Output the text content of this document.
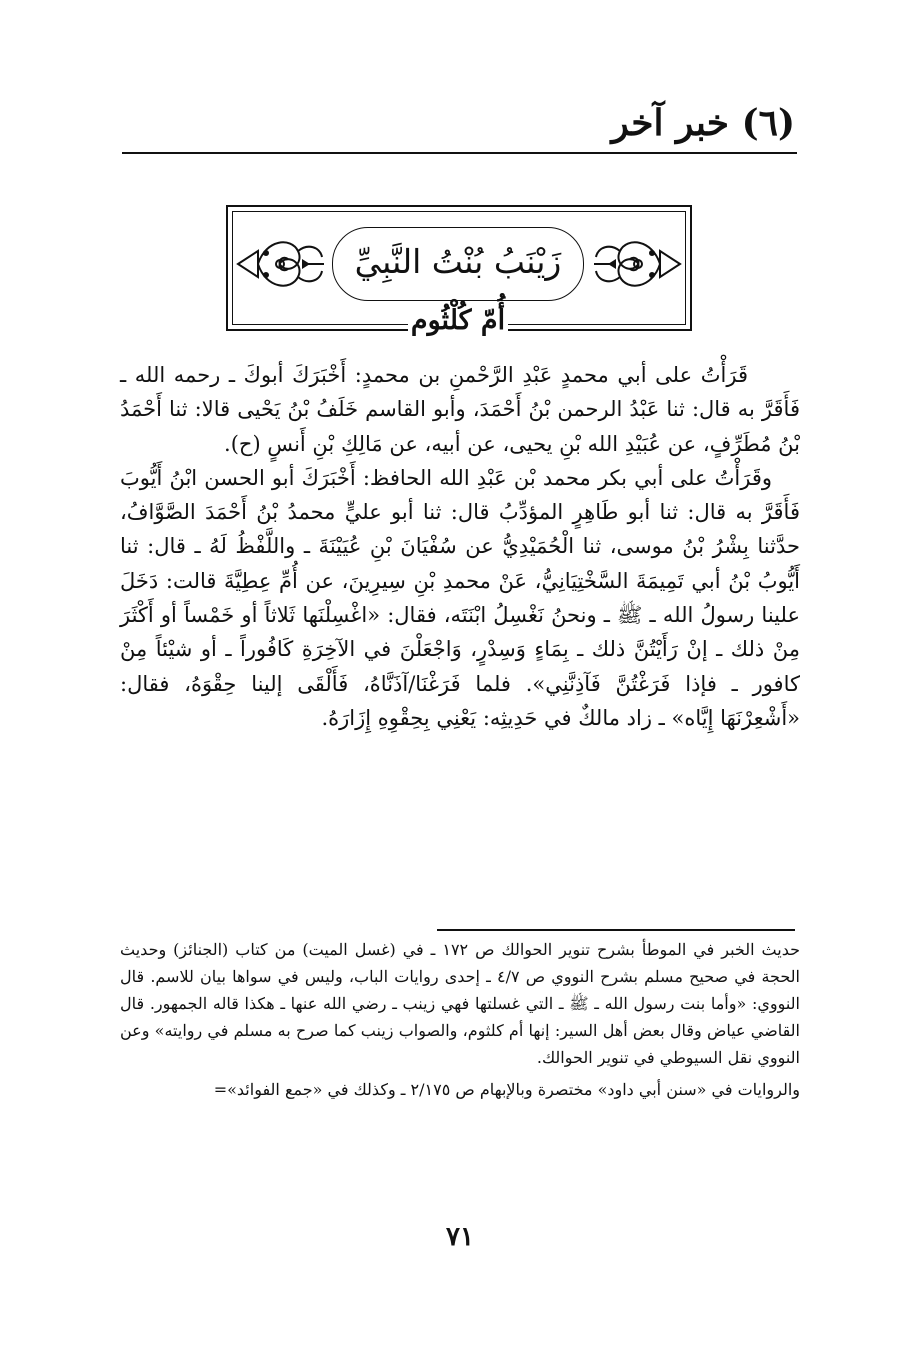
(٦) خبر آخر
زَيْنَبُ بُنْتُ النَّبِيِّ
أُمّ كُلْثُوم

قَرَأْتُ على أبي محمدٍ عَبْدِ الرَّحْمنِ بن محمدٍ: أَخْبَرَكَ أبوكَ ـ رحمه الله ـ فَأَقَرَّ به قال: ثنا عَبْدُ الرحمن بْنُ أَحْمَدَ، وأبو القاسم خَلَفُ بْنُ يَحْيى قالا: ثنا أَحْمَدُ بْنُ مُطَرِّفٍ، عن عُبَيْدِ الله بْنِ يحيى، عن أبيه، عن مَالِكِ بْنِ أَنسٍ (ح).

وقَرَأْتُ على أبي بكر محمد بْن عَبْدِ الله الحافظ: أَخْبَرَكَ أبو الحسن ابْنُ أَيُّوبَ فَأَقَرَّ به قال: ثنا أبو طَاهِرٍ المؤدِّبُ قال: ثنا أبو عليٍّ محمدُ بْنُ أَحْمَدَ الصَّوَّافُ، حدَّثنا بِشْرُ بْنُ موسى، ثنا الْحُمَيْدِيُّ عن سُفْيَانَ بْنِ عُيَيْنَةَ ـ واللَّفْظُ لَهُ ـ قال: ثنا أَيُّوبُ بْنُ أبي تَمِيمَةَ السَّخْتِيَانِيُّ، عَنْ محمدِ بْنِ سِيرِينَ، عن أُمِّ عِطِيَّةَ قالت: دَخَلَ علينا رسولُ الله ـ ﷺ ـ ونحنُ نَغْسِلُ ابْنَتَه، فقال: «اغْسِلْنَها ثَلاثاً أو خَمْساً أو أَكْثَرَ مِنْ ذلك ـ إنْ رَأَيْتُنَّ ذلك ـ بِمَاءٍ وَسِدْرٍ، وَاجْعَلْنَ في الآخِرَةِ كَافُوراً ـ أو شيْئاً مِنْ كافور ـ فإذا فَرَغْتُنَّ فَآذِنَّنِي». فلما فَرَغْنَا/آذَنَّاهُ، فَأَلْقَى إلينا حِقْوَهُ، فقال: «أَشْعِرْنَهَا إِيَّاه» ـ زاد مالكٌ في حَدِيثِه: يَعْنِي بِحِقْوِهِ إِزَارَهُ.

حديث الخبر في الموطأ بشرح تنوير الحوالك ص ١٧٢ ـ في (غسل الميت) من كتاب (الجنائز) وحديث الحجة في صحيح مسلم بشرح النووي ص ٤/٧ ـ إحدى روايات الباب، وليس في سواها بيان للاسم. قال النووي: «وأما بنت رسول الله ـ ﷺ ـ التي غسلتها فهي زينب ـ رضي الله عنها ـ هكذا قاله الجمهور. قال القاضي عياض وقال بعض أهل السير: إنها أم كلثوم، والصواب زينب كما صرح به مسلم في روايته» وعن النووي نقل السيوطي في تنوير الحوالك.

والروايات في «سنن أبي داود» مختصرة وبالإبهام ص ٢/١٧٥ ـ وكذلك في «جمع الفوائد»=

٧١
